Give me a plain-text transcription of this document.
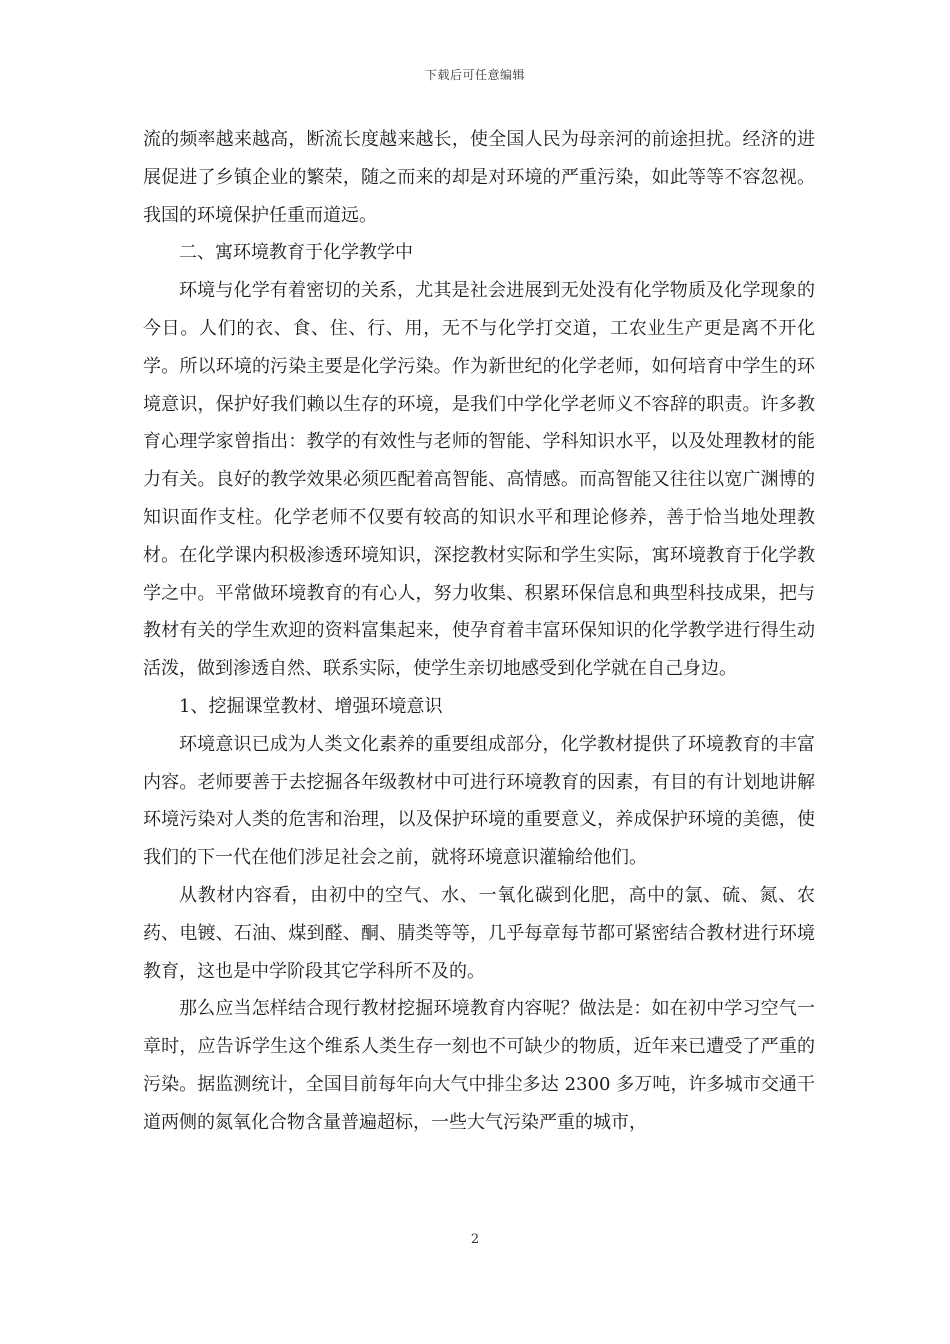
下载后可任意编辑

流的频率越来越高，断流长度越来越长，使全国人民为母亲河的前途担扰。经济的进展促进了乡镇企业的繁荣，随之而来的却是对环境的严重污染，如此等等不容忽视。我国的环境保护任重而道远。

二、寓环境教育于化学教学中

环境与化学有着密切的关系，尤其是社会进展到无处没有化学物质及化学现象的今日。人们的衣、食、住、行、用，无不与化学打交道，工农业生产更是离不开化学。所以环境的污染主要是化学污染。作为新世纪的化学老师，如何培育中学生的环境意识，保护好我们赖以生存的环境，是我们中学化学老师义不容辞的职责。许多教育心理学家曾指出：教学的有效性与老师的智能、学科知识水平，以及处理教材的能力有关。良好的教学效果必须匹配着高智能、高情感。而高智能又往往以宽广渊博的知识面作支柱。化学老师不仅要有较高的知识水平和理论修养，善于恰当地处理教材。在化学课内积极渗透环境知识，深挖教材实际和学生实际，寓环境教育于化学教学之中。平常做环境教育的有心人，努力收集、积累环保信息和典型科技成果，把与教材有关的学生欢迎的资料富集起来，使孕育着丰富环保知识的化学教学进行得生动活泼，做到渗透自然、联系实际，使学生亲切地感受到化学就在自己身边。

1、挖掘课堂教材、增强环境意识

环境意识已成为人类文化素养的重要组成部分，化学教材提供了环境教育的丰富内容。老师要善于去挖掘各年级教材中可进行环境教育的因素，有目的有计划地讲解环境污染对人类的危害和治理，以及保护环境的重要意义，养成保护环境的美德，使我们的下一代在他们涉足社会之前，就将环境意识灌输给他们。

从教材内容看，由初中的空气、水、一氧化碳到化肥，高中的氯、硫、氮、农药、电镀、石油、煤到醛、酮、腈类等等，几乎每章每节都可紧密结合教材进行环境教育，这也是中学阶段其它学科所不及的。

那么应当怎样结合现行教材挖掘环境教育内容呢？做法是：如在初中学习空气一章时，应告诉学生这个维系人类生存一刻也不可缺少的物质，近年来已遭受了严重的污染。据监测统计，全国目前每年向大气中排尘多达 2300 多万吨，许多城市交通干道两侧的氮氧化合物含量普遍超标，一些大气污染严重的城市，

2
